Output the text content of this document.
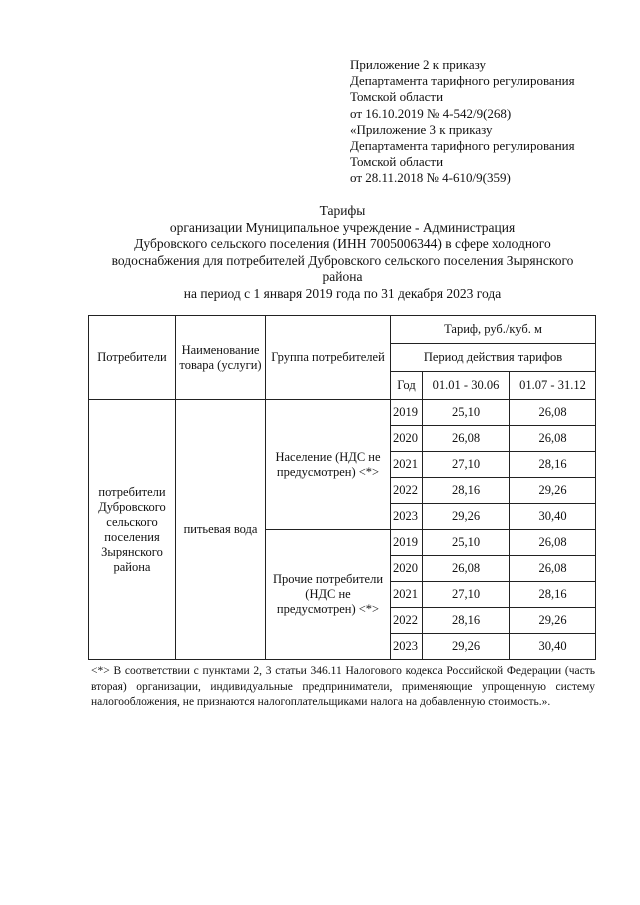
Приложение 2 к приказу
Департамента тарифного регулирования
Томской области
от 16.10.2019 № 4-542/9(268)
«Приложение 3 к приказу
Департамента тарифного регулирования
Томской области
от 28.11.2018 № 4-610/9(359)
Тарифы
организации Муниципальное учреждение - Администрация
Дубровского сельского поселения (ИНН 7005006344) в сфере холодного
водоснабжения для потребителей Дубровского сельского поселения Зырянского
района
на период с 1 января 2019 года по 31 декабря 2023 года
Потребители	Наименование товара (услуги)	Группа потребителей	Тариф, руб./куб. м		
			Период действия тарифов		
			Год	01.01 - 30.06	01.07 - 31.12
потребители Дубровского сельского поселения Зырянского района	питьевая вода	Население (НДС не предусмотрен) <*>	2019	25,10	26,08
			2020	26,08	26,08
			2021	27,10	28,16
			2022	28,16	29,26
			2023	29,26	30,40
		Прочие потребители (НДС не предусмотрен) <*>	2019	25,10	26,08
			2020	26,08	26,08
			2021	27,10	28,16
			2022	28,16	29,26
			2023	29,26	30,40
<*> В соответствии с пунктами 2, 3 статьи 346.11 Налогового кодекса Российской Федерации (часть вторая) организации, индивидуальные предприниматели, применяющие упрощенную систему налогообложения, не признаются налогоплательщиками налога на добавленную стоимость.».
